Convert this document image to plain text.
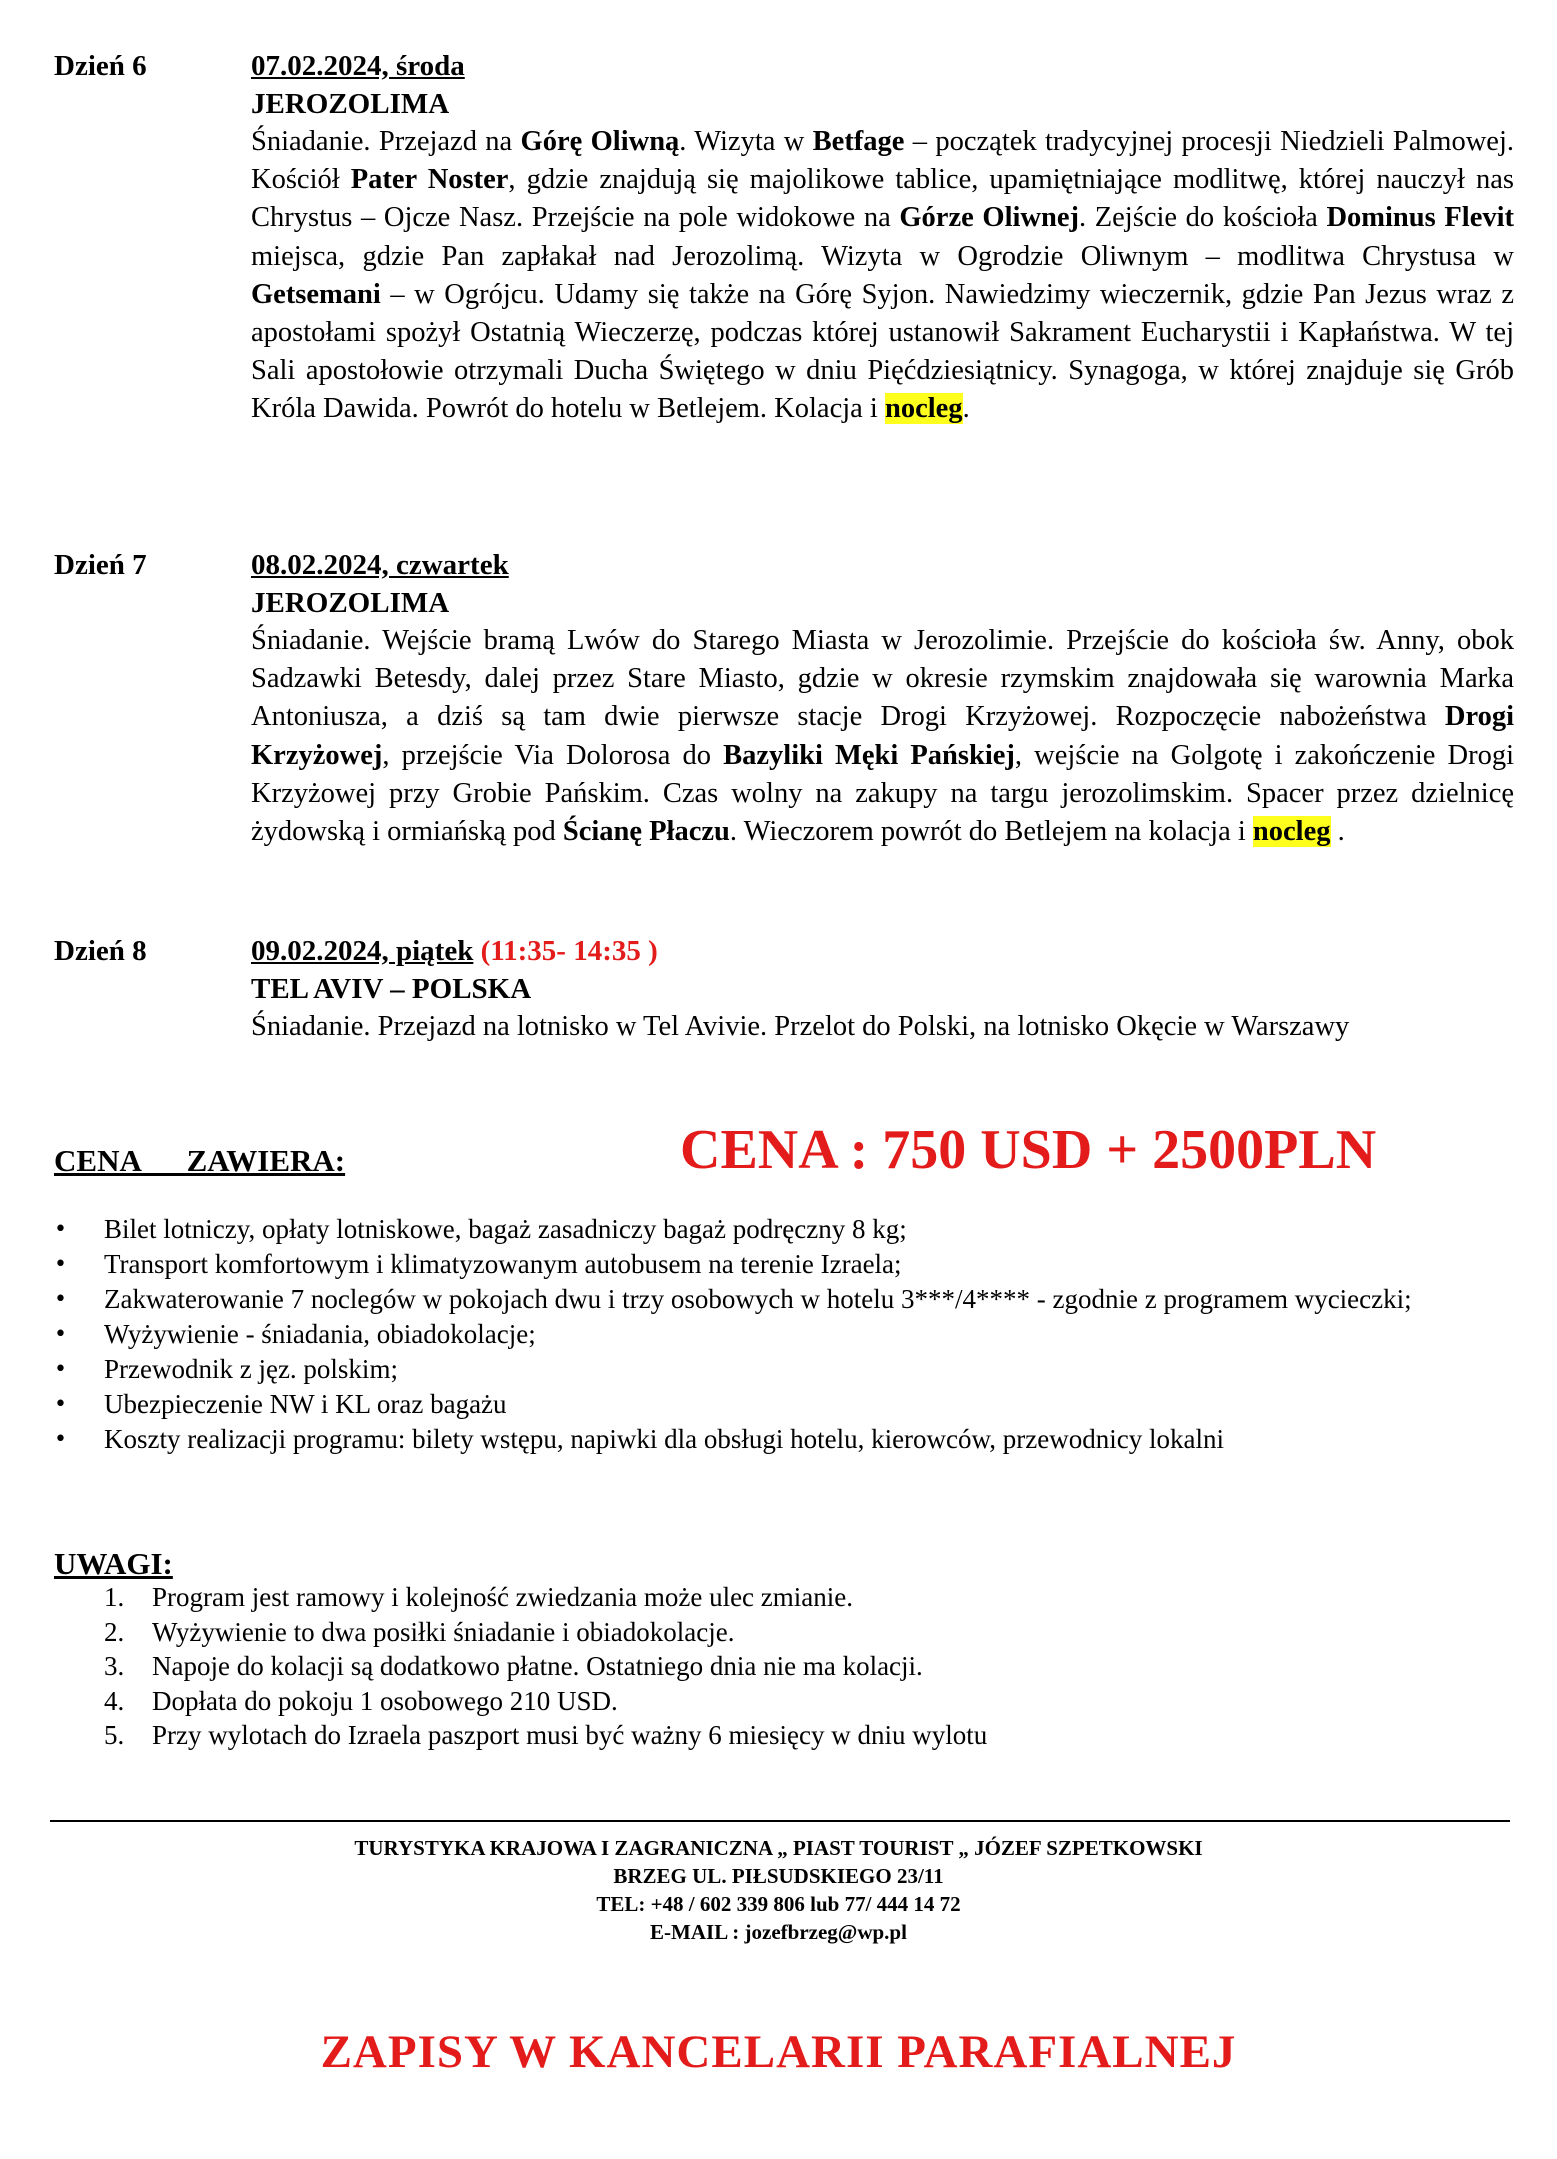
Dzień 6	07.02.2024, środa
JEROZOLIMA
Śniadanie. Przejazd na Górę Oliwną. Wizyta w Betfage – początek tradycyjnej procesji Niedzieli Palmowej. Kościół Pater Noster, gdzie znajdują się majolikowe tablice, upamiętniające modlitwę, której nauczył nas Chrystus – Ojcze Nasz. Przejście na pole widokowe na Górze Oliwnej. Zejście do kościoła Dominus Flevit miejsca, gdzie Pan zapłakał nad Jerozolimą. Wizyta w Ogrodzie Oliwnym – modlitwa Chrystusa w Getsemani – w Ogrójcu. Udamy się także na Górę Syjon. Nawiedzimy wieczernik, gdzie Pan Jezus wraz z apostołami spożył Ostatnią Wieczerzę, podczas której ustanowił Sakrament Eucharystii i Kapłaństwa. W tej Sali apostołowie otrzymali Ducha Świętego w dniu Pięćdziesiątnicy. Synagoga, w której znajduje się Grób Króla Dawida. Powrót do hotelu w Betlejem. Kolacja i nocleg.
Dzień 7	08.02.2024, czwartek
JEROZOLIMA
Śniadanie. Wejście bramą Lwów do Starego Miasta w Jerozolimie. Przejście do kościoła św. Anny, obok Sadzawki Betesdy, dalej przez Stare Miasto, gdzie w okresie rzymskim znajdowała się warownia Marka Antoniusza, a dziś są tam dwie pierwsze stacje Drogi Krzyżowej. Rozpoczęcie nabożeństwa Drogi Krzyżowej, przejście Via Dolorosa do Bazyliki Męki Pańskiej, wejście na Golgotę i zakończenie Drogi Krzyżowej przy Grobie Pańskim. Czas wolny na zakupy na targu jerozolimskim. Spacer przez dzielnicę żydowską i ormiańską pod Ścianę Płaczu. Wieczorem powrót do Betlejem na kolacja i nocleg .
Dzień 8	09.02.2024, piątek (11:35- 14:35 )
TEL AVIV – POLSKA
Śniadanie. Przejazd na lotnisko w Tel Avivie. Przelot do Polski, na lotnisko Okęcie w Warszawy
CENA      ZAWIERA:	CENA : 750 USD + 2500PLN
• Bilet lotniczy, opłaty lotniskowe, bagaż zasadniczy bagaż podręczny 8 kg;
• Transport komfortowym i klimatyzowanym autobusem na terenie Izraela;
• Zakwaterowanie 7 noclegów w pokojach dwu i trzy osobowych w hotelu 3***/4**** - zgodnie z programem wycieczki;
• Wyżywienie - śniadania, obiadokolacje;
• Przewodnik z jęz. polskim;
• Ubezpieczenie NW i KL oraz bagażu
• Koszty realizacji programu: bilety wstępu, napiwki dla obsługi hotelu, kierowców, przewodnicy lokalni
UWAGI:
1. Program jest ramowy i kolejność zwiedzania może ulec zmianie.
2. Wyżywienie to dwa posiłki śniadanie i obiadokolacje.
3. Napoje do kolacji są dodatkowo płatne. Ostatniego dnia nie ma kolacji.
4. Dopłata do pokoju 1 osobowego 210 USD.
5. Przy wylotach do Izraela paszport musi być ważny 6 miesięcy w dniu wylotu
TURYSTYKA KRAJOWA I ZAGRANICZNA „ PIAST TOURIST „ JÓZEF SZPETKOWSKI
BRZEG UL. PIŁSUDSKIEGO 23/11
TEL: +48 / 602 339 806 lub 77/ 444 14 72
E-MAIL : jozefbrzeg@wp.pl
ZAPISY W KANCELARII PARAFIALNEJ
